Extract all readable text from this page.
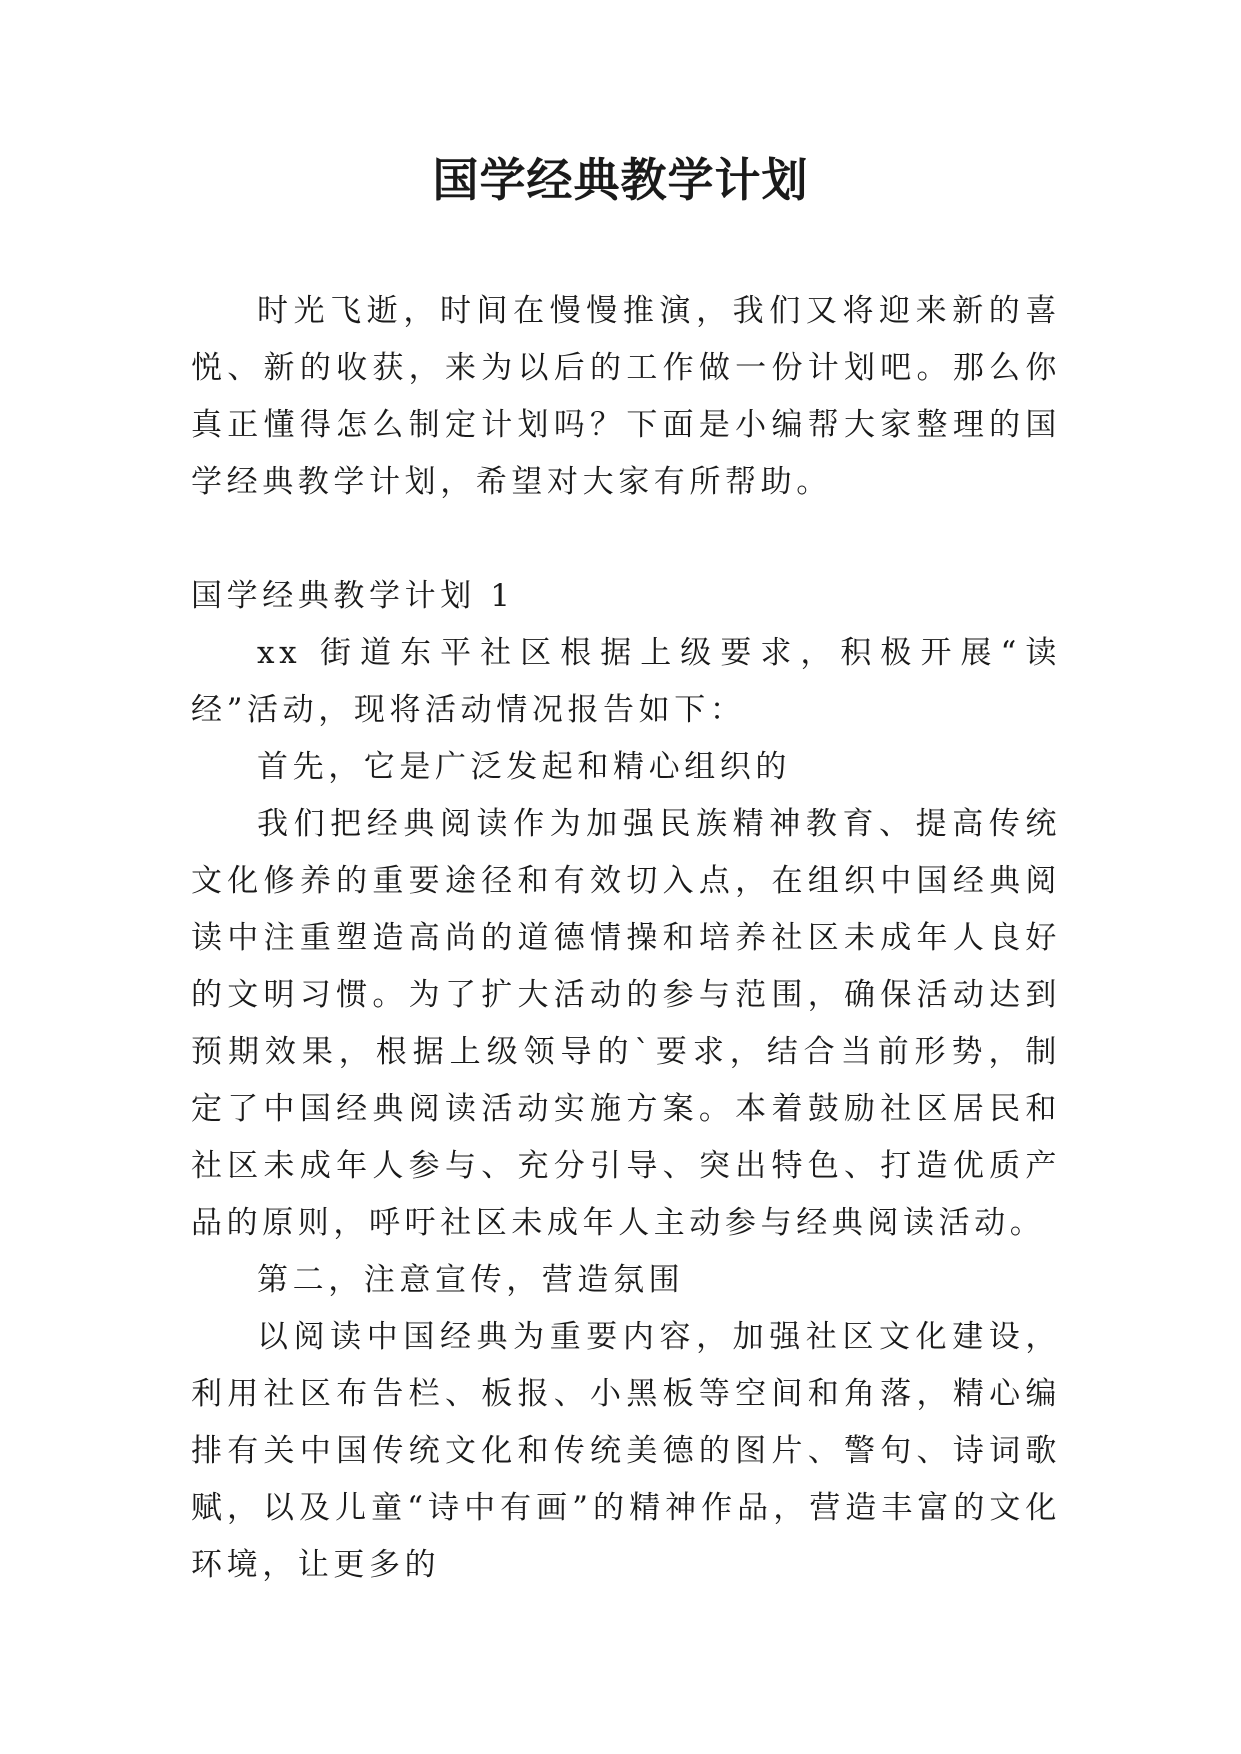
国学经典教学计划

时光飞逝，时间在慢慢推演，我们又将迎来新的喜悦、新的收获，来为以后的工作做一份计划吧。那么你真正懂得怎么制定计划吗？下面是小编帮大家整理的国学经典教学计划，希望对大家有所帮助。

国学经典教学计划 1

xx 街道东平社区根据上级要求，积极开展“读经”活动，现将活动情况报告如下：

首先，它是广泛发起和精心组织的

我们把经典阅读作为加强民族精神教育、提高传统文化修养的重要途径和有效切入点，在组织中国经典阅读中注重塑造高尚的道德情操和培养社区未成年人良好的文明习惯。为了扩大活动的参与范围，确保活动达到预期效果，根据上级领导的`要求，结合当前形势，制定了中国经典阅读活动实施方案。本着鼓励社区居民和社区未成年人参与、充分引导、突出特色、打造优质产品的原则，呼吁社区未成年人主动参与经典阅读活动。

第二，注意宣传，营造氛围

以阅读中国经典为重要内容，加强社区文化建设，利用社区布告栏、板报、小黑板等空间和角落，精心编排有关中国传统文化和传统美德的图片、警句、诗词歌赋，以及儿童“诗中有画”的精神作品，营造丰富的文化环境，让更多的
